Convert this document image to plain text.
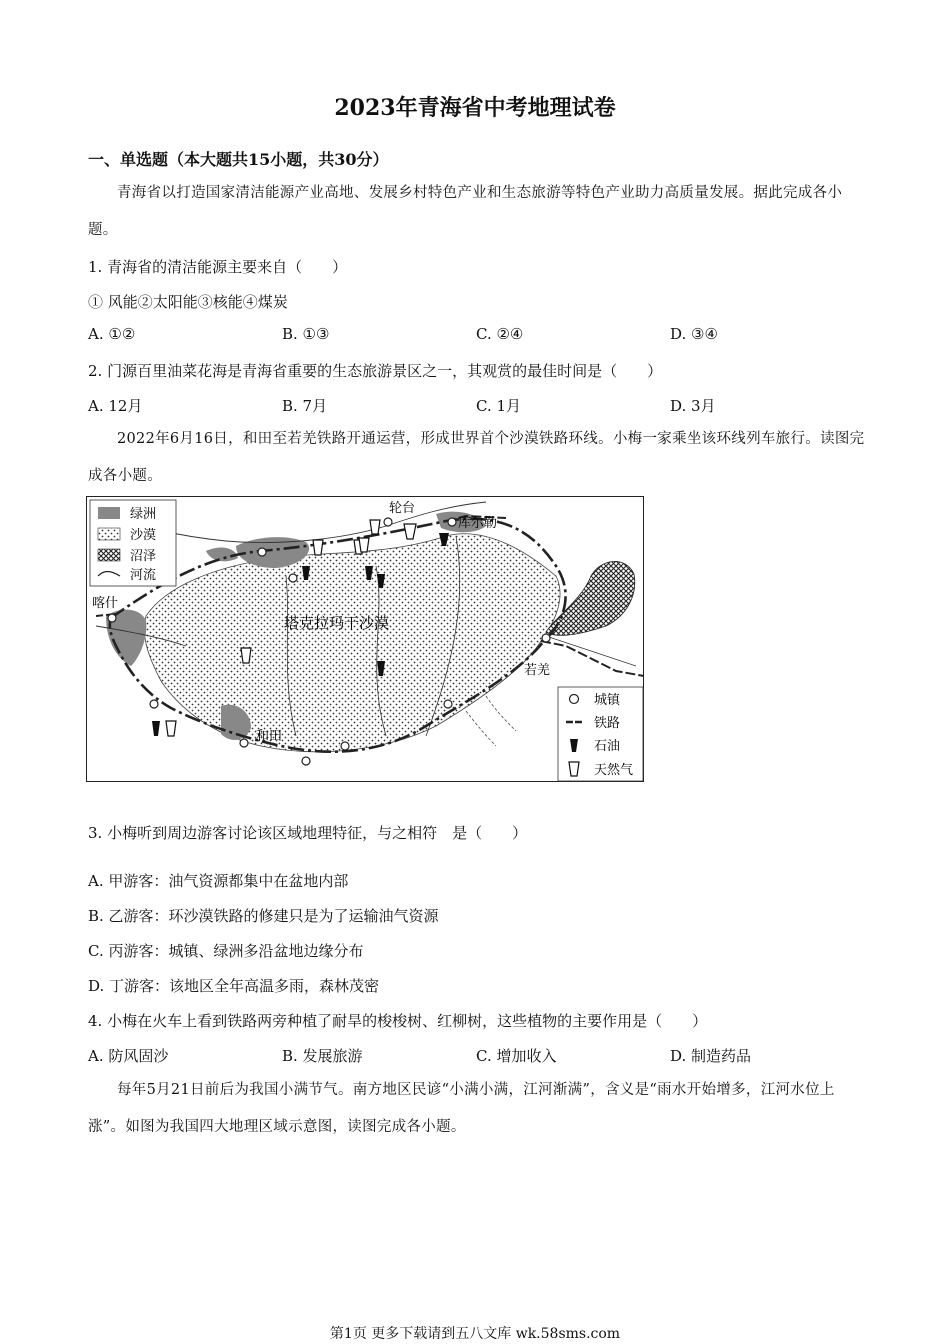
2023年青海省中考地理试卷
一、单选题（本大题共15小题，共30分）
青海省以打造国家清洁能源产业高地、发展乡村特色产业和生态旅游等特色产业助力高质量发展。据此完成各小题。
1. 青海省的清洁能源主要来自（　　）
① 风能②太阳能③核能④煤炭
A. ①②	B. ①③	C. ②④	D. ③④
2. 门源百里油菜花海是青海省重要的生态旅游景区之一，其观赏的最佳时间是（　　）
A. 12月	B. 7月	C. 1月	D. 3月
2022年6月16日，和田至若羌铁路开通运营，形成世界首个沙漠铁路环线。小梅一家乘坐该环线列车旅行。读图完成各小题。
喀什
轮台
库尔勒
若羌
和田
塔克拉玛干沙漠
绿洲
沙漠
沼泽
河流
城镇
铁路
石油
天然气
3. 小梅听到周边游客讨论该区域地理特征，与之相符　是（　　）
A. 甲游客：油气资源都集中在盆地内部
B. 乙游客：环沙漠铁路的修建只是为了运输油气资源
C. 丙游客：城镇、绿洲多沿盆地边缘分布
D. 丁游客：该地区全年高温多雨，森林茂密
4. 小梅在火车上看到铁路两旁种植了耐旱的梭梭树、红柳树，这些植物的主要作用是（　　）
A. 防风固沙	B. 发展旅游	C. 增加收入	D. 制造药品
每年5月21日前后为我国小满节气。南方地区民谚“小满小满，江河渐满”，含义是“雨水开始增多，江河水位上涨”。如图为我国四大地理区域示意图，读图完成各小题。
第1页 更多下载请到五八文库 wk.58sms.com
